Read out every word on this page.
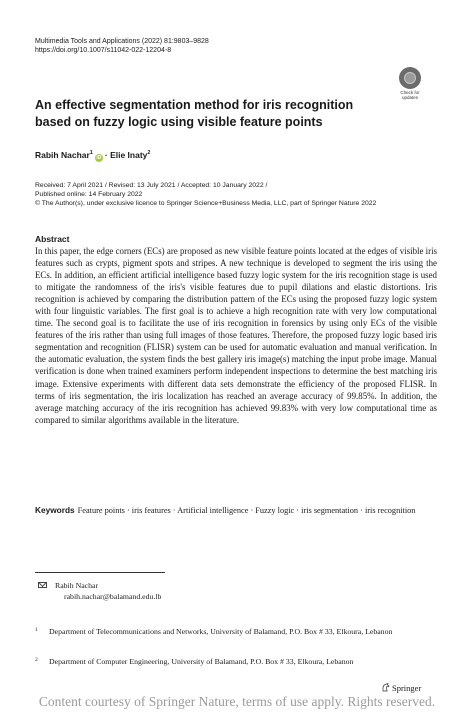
Multimedia Tools and Applications (2022) 81:9803–9828
https://doi.org/10.1007/s11042-022-12204-8
Check for
updates
An effective segmentation method for iris recognition based on fuzzy logic using visible feature points
Rabih Nachar$^1$iD · Elie Inaty$^2$
Received: 7 April 2021 / Revised: 13 July 2021 / Accepted: 10 January 2022 /
Published online: 14 February 2022
© The Author(s), under exclusive licence to Springer Science+Business Media, LLC, part of Springer Nature 2022
Abstract

In this paper, the edge corners (ECs) are proposed as new visible feature points located at the edges of visible iris features such as crypts, pigment spots and stripes. A new technique is developed to segment the iris using the ECs. In addition, an efficient artificial intelligence based fuzzy logic system for the iris recognition stage is used to mitigate the randomness of the iris's visible features due to pupil dilations and elastic distortions. Iris recognition is achieved by comparing the distribution pattern of the ECs using the proposed fuzzy logic system with four linguistic variables. The first goal is to achieve a high recognition rate with very low computational time. The second goal is to facilitate the use of iris recognition in forensics by using only ECs of the visible features of the iris rather than using full images of those features. Therefore, the proposed fuzzy logic based iris segmentation and recognition (FLISR) system can be used for automatic evaluation and manual verification. In the automatic evaluation, the system finds the best gallery iris image(s) matching the input probe image. Manual verification is done when trained examiners perform independent inspections to determine the best matching iris image. Extensive experiments with different data sets demonstrate the efficiency of the proposed FLISR. In terms of iris segmentation, the iris localization has reached an average accuracy of 99.85%. In addition, the average matching accuracy of the iris recognition has achieved 99.83% with very low computational time as compared to similar algorithms available in the literature.

Keywords Feature points · iris features · Artificial intelligence · Fuzzy logic · iris segmentation · iris recognition
Rabih Nachar
rabih.nachar@balamand.edu.lb
1 Department of Telecommunications and Networks, University of Balamand, P.O. Box # 33, Elkoura, Lebanon
2 Department of Computer Engineering, University of Balamand, P.O. Box # 33, Elkoura, Lebanon
Springer
Content courtesy of Springer Nature, terms of use apply. Rights reserved.
